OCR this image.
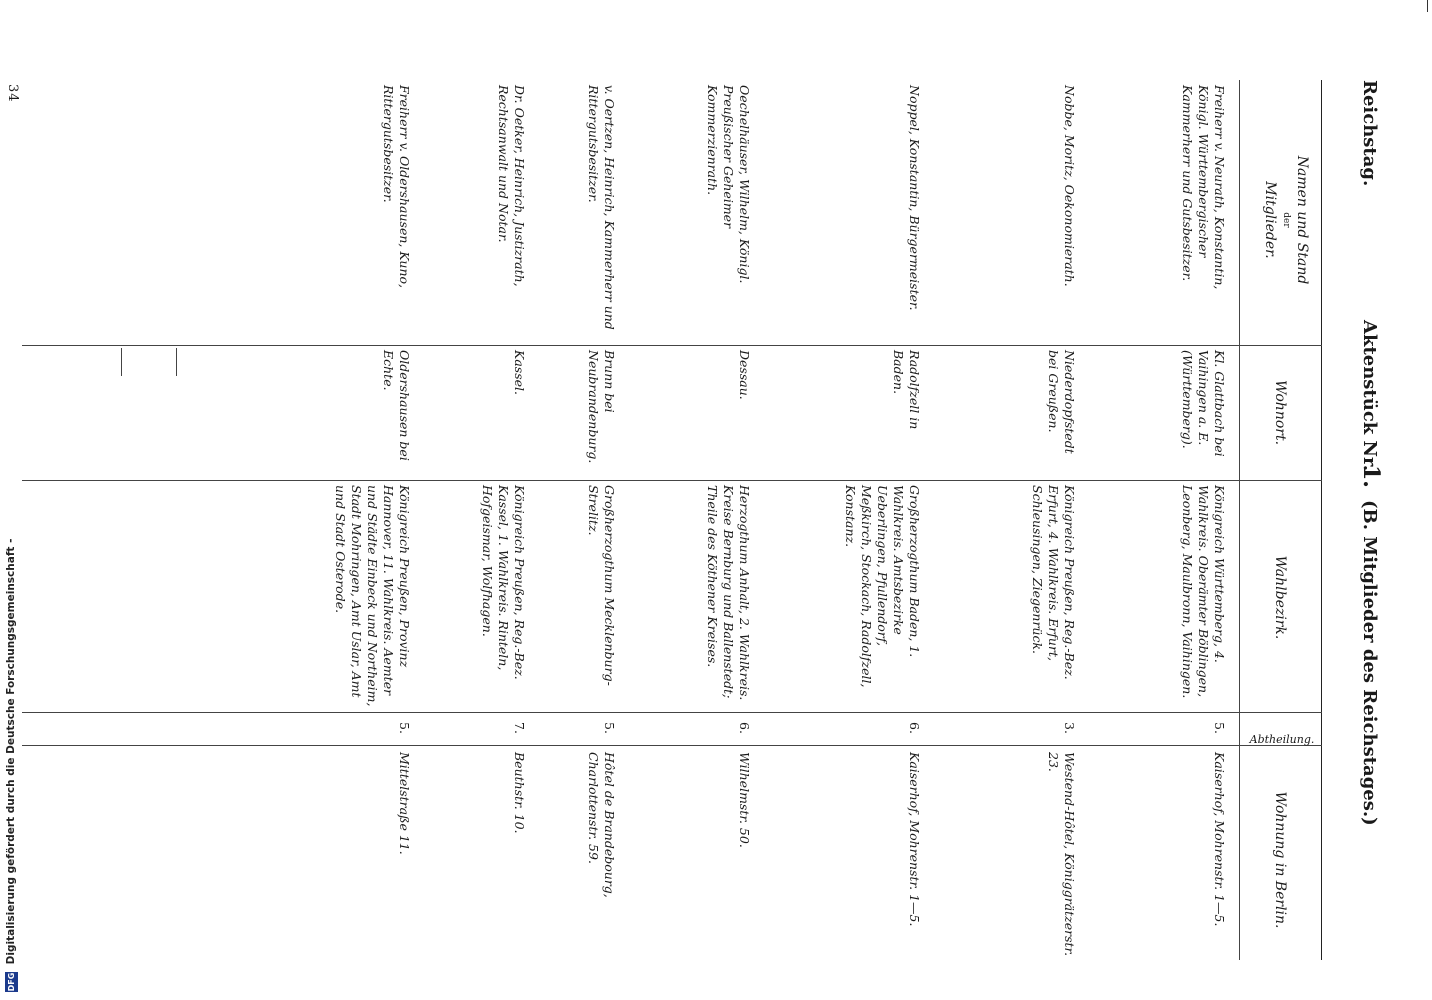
34	Reichstag.
Aktenstück Nr.
1.
(B. Mitglieder des Reichstages.)
Namen und Stand
der
Mitglieder.
Wohnort.
Wahlbezirk.
Abtheilung.
Wohnung in Berlin.
Freiherr v. Neurath, Konstantin, Königl. Württembergischer Kammerherr und Gutsbesitzer.
Kl. Glattbach bei Vaihingen a. E. (Württemberg).
Königreich Württemberg, 4. Wahlkreis. Oberämter Böblingen, Leonberg, Maulbronn, Vaihingen.
5.
Kaiserhof, Mohrenstr. 1—5.
Nobbe, Moritz, Oekonomierath.
Niederdopfstedt bei Greußen.
Königreich Preußen, Reg.-Bez. Erfurt, 4. Wahlkreis. Erfurt, Schleusingen, Ziegenrück.
3.
Westend-Hôtel, Königgrätzerstr. 23.
Noppel, Konstantin, Bürgermeister.
Radolfzell in Baden.
Großherzogthum Baden, 1. Wahlkreis. Amtsbezirke Ueberlingen, Pfullendorf, Meßkirch, Stockach, Radolfzell, Konstanz.
6.
Kaiserhof, Mohrenstr. 1—5.
Oechelhäuser, Wilhelm, Königl. Preußischer Geheimer Kommerzienrath.
Dessau.
Herzogthum Anhalt, 2. Wahlkreis. Kreise Bernburg und Ballenstedt; Theile des Köthener Kreises.
6.
Wilhelmstr. 50.
v. Oertzen, Heinrich, Kammerherr und Rittergutsbesitzer.
Brunn bei Neubrandenburg.
Großherzogthum Mecklenburg-Strelitz.
5.
Hôtel de Brandebourg, Charlottenstr. 59.
Dr. Oetker, Heinrich, Justizrath, Rechtsanwalt und Notar.
Kassel.
Königreich Preußen, Reg.-Bez. Kassel, 1. Wahlkreis. Rinteln, Hofgeismar, Wolfhagen.
7.
Beuthstr. 10.
Freiherr v. Oldershausen, Kuno, Rittergutsbesitzer.
Oldershausen bei Echte.
Königreich Preußen, Provinz Hannover, 11. Wahlkreis. Aemter und Städte Einbeck und Northeim, Stadt Mohringen, Amt Uslar, Amt und Stadt Osterode.
5.
Mittelstraße 11.
DFG Digitalisierung gefördert durch die Deutsche Forschungsgemeinschaft -
